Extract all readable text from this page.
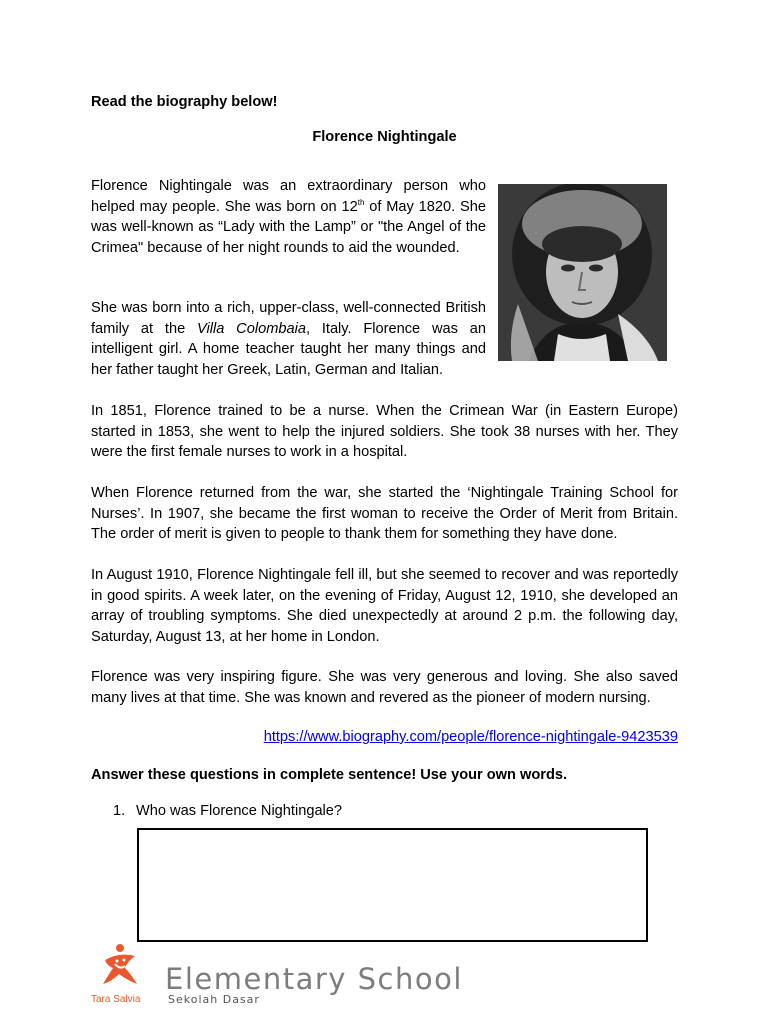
Read the biography below!
Florence Nightingale

Florence Nightingale was an extraordinary person who helped may people. She was born on 12th of May 1820. She was well-known as “Lady with the Lamp” or "the Angel of the Crimea" because of her night rounds to aid the wounded.

She was born into a rich, upper-class, well-connected British family at the Villa Colombaia, Italy. Florence was an intelligent girl. A home teacher taught her many things and her father taught her Greek, Latin, German and Italian.

In 1851, Florence trained to be a nurse. When the Crimean War (in Eastern Europe) started in 1853, she went to help the injured soldiers. She took 38 nurses with her. They were the first female nurses to work in a hospital.

When Florence returned from the war, she started the ‘Nightingale Training School for Nurses’. In 1907, she became the first woman to receive the Order of Merit from Britain. The order of merit is given to people to thank them for something they have done.

In August 1910, Florence Nightingale fell ill, but she seemed to recover and was reportedly in good spirits. A week later, on the evening of Friday, August 12, 1910, she developed an array of troubling symptoms. She died unexpectedly at around 2 p.m. the following day, Saturday, August 13, at her home in London.

Florence was very inspiring figure. She was very generous and loving. She also saved many lives at that time. She was known and revered as the pioneer of modern nursing.

https://www.biography.com/people/florence-nightingale-9423539
Answer these questions in complete sentence! Use your own words.
1. Who was Florence Nightingale?
Tara Salvia
Elementary School
Sekolah Dasar
